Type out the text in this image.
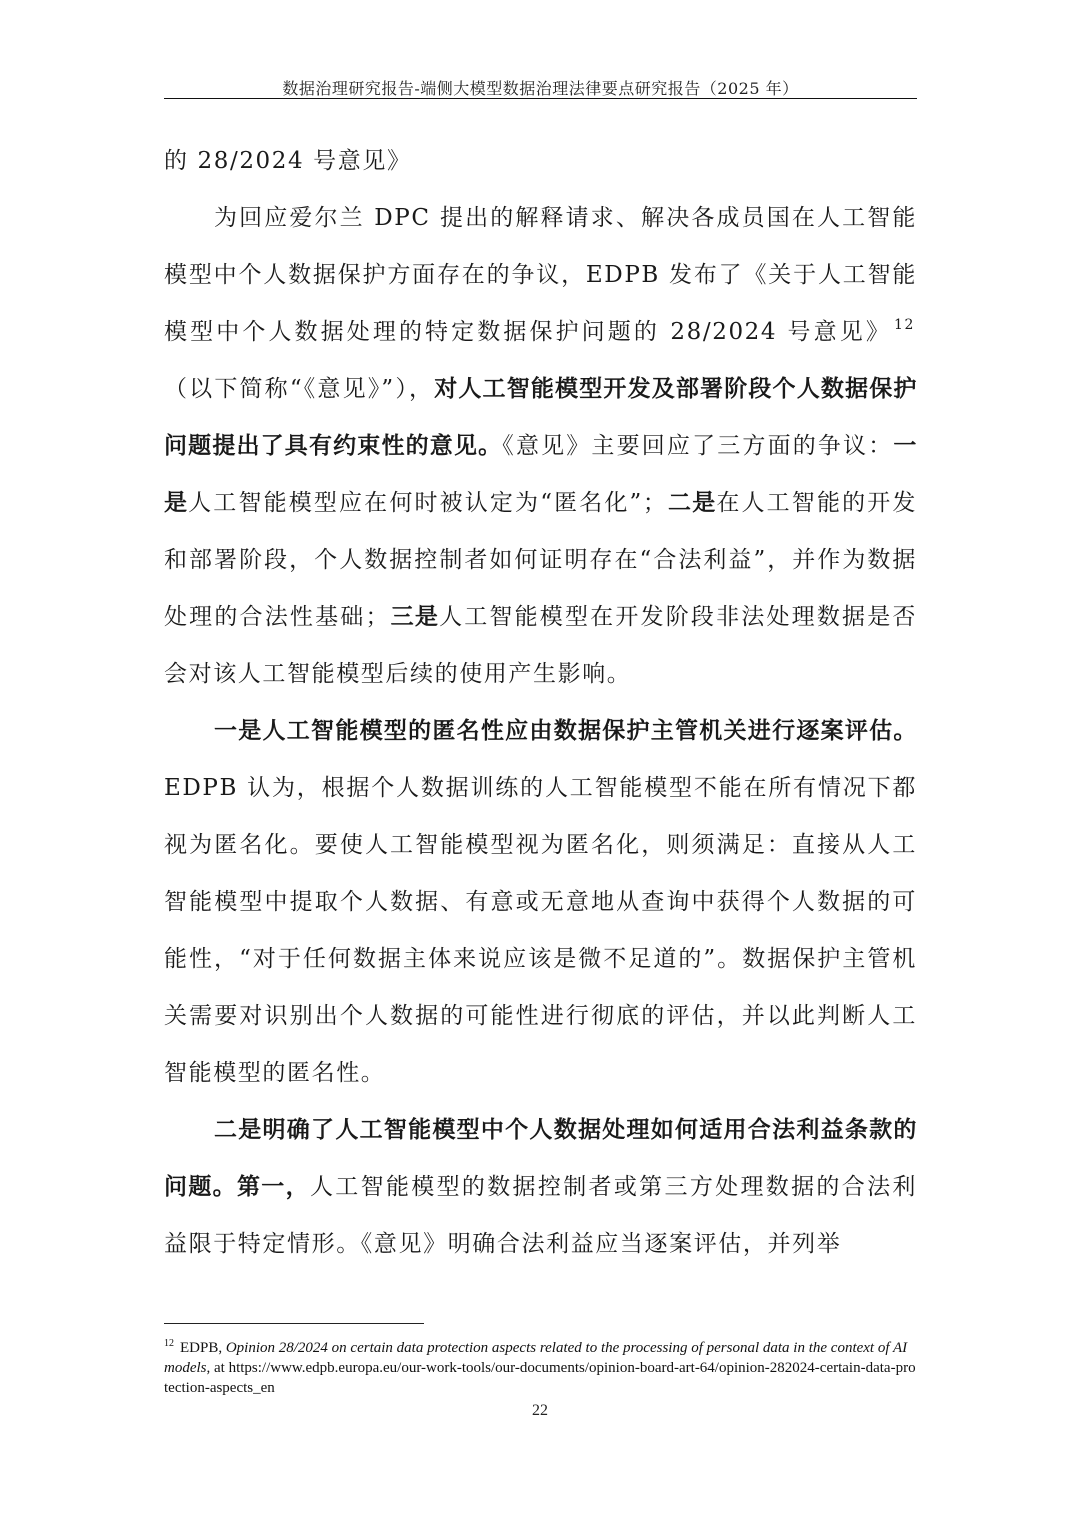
数据治理研究报告-端侧大模型数据治理法律要点研究报告（2025 年）

的 28/2024 号意见》

为回应爱尔兰 DPC 提出的解释请求、解决各成员国在人工智能模型中个人数据保护方面存在的争议，EDPB 发布了《关于人工智能模型中个人数据处理的特定数据保护问题的 28/2024 号意见》 $^{12}$（以下简称“《意见》”），对人工智能模型开发及部署阶段个人数据保护问题提出了具有约束性的意见。《意见》主要回应了三方面的争议：一是人工智能模型应在何时被认定为“匿名化”；二是在人工智能的开发和部署阶段，个人数据控制者如何证明存在“合法利益”，并作为数据处理的合法性基础；三是人工智能模型在开发阶段非法处理数据是否会对该人工智能模型后续的使用产生影响。

一是人工智能模型的匿名性应由数据保护主管机关进行逐案评估。EDPB 认为，根据个人数据训练的人工智能模型不能在所有情况下都视为匿名化。要使人工智能模型视为匿名化，则须满足：直接从人工智能模型中提取个人数据、有意或无意地从查询中获得个人数据的可能性，“对于任何数据主体来说应该是微不足道的”。数据保护主管机关需要对识别出个人数据的可能性进行彻底的评估，并以此判断人工智能模型的匿名性。

二是明确了人工智能模型中个人数据处理如何适用合法利益条款的问题。第一，人工智能模型的数据控制者或第三方处理数据的合法利益限于特定情形。《意见》明确合法利益应当逐案评估，并列举

$^{12}$ EDPB, Opinion 28/2024 on certain data protection aspects related to the processing of personal data in the context of AI models, at https://www.edpb.europa.eu/our-work-tools/our-documents/opinion-board-art-64/opinion-282024-certain-data-protection-aspects_en
22
